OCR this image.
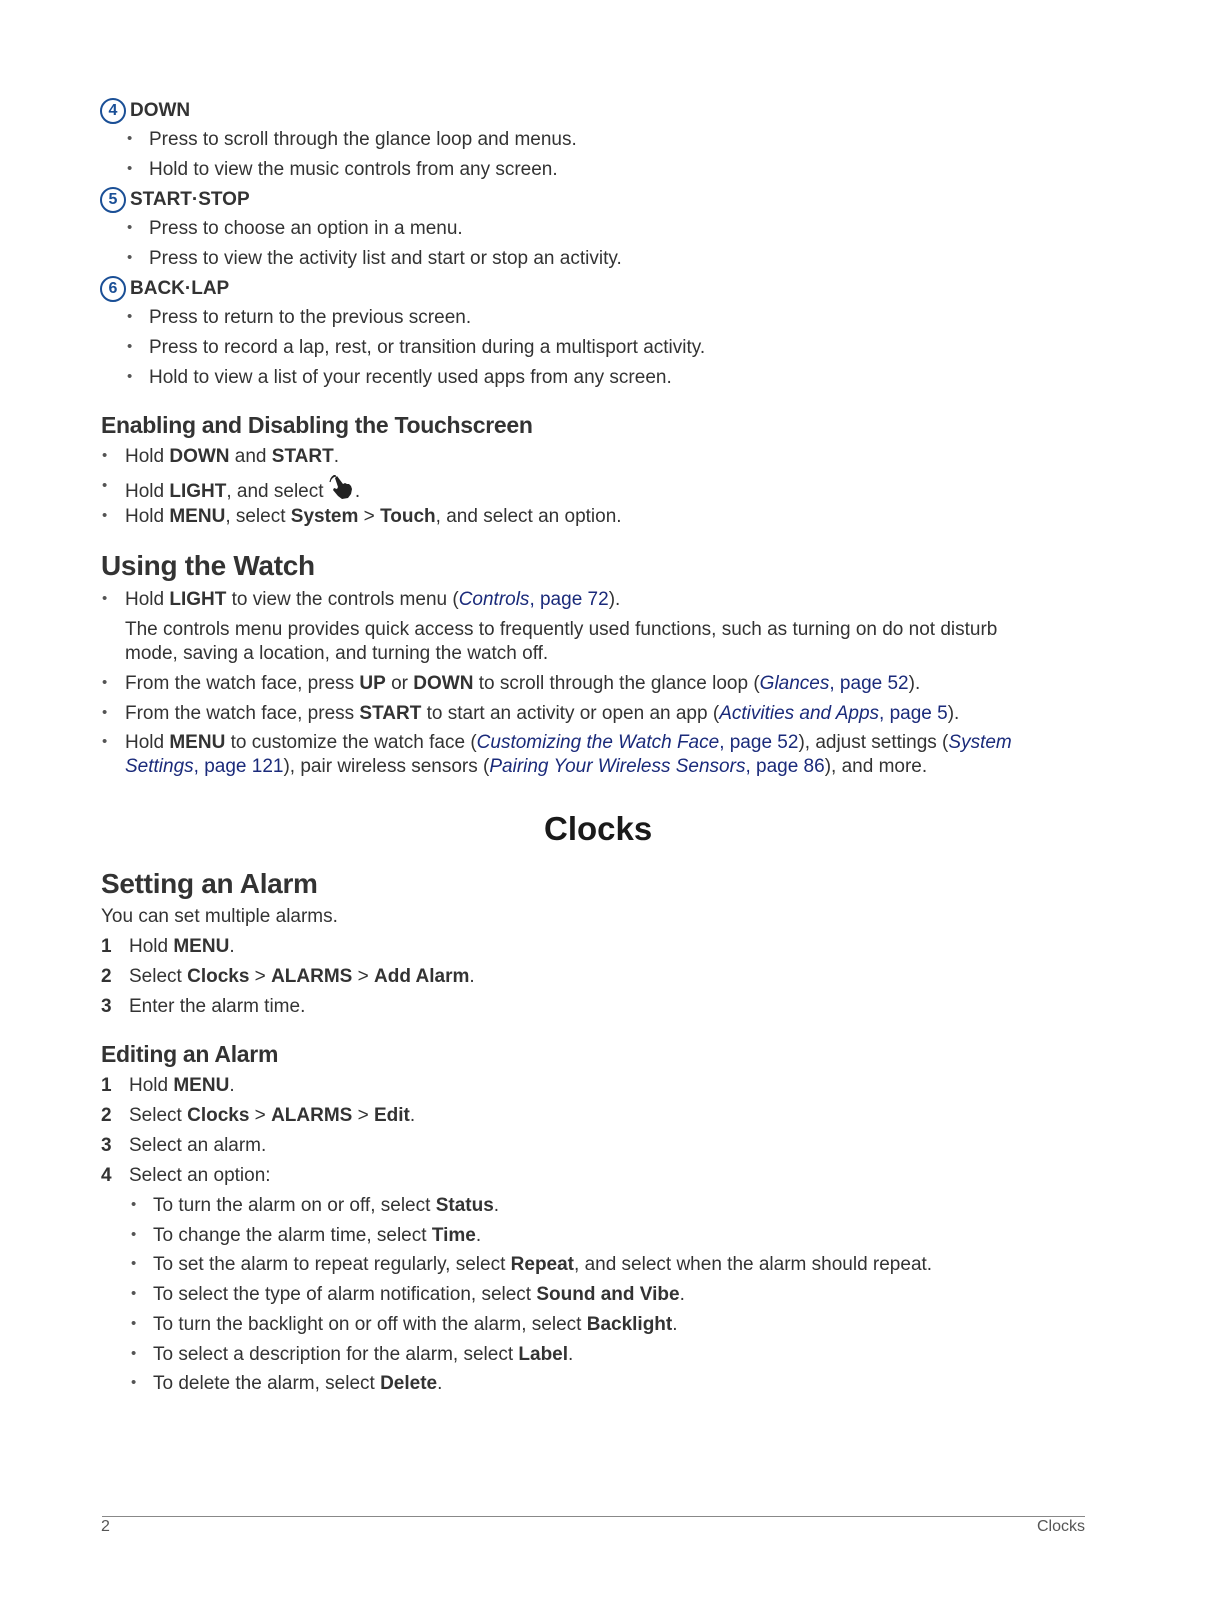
4 DOWN
• Press to scroll through the glance loop and menus.
• Hold to view the music controls from any screen.
5 START·STOP
• Press to choose an option in a menu.
• Press to view the activity list and start or stop an activity.
6 BACK·LAP
• Press to return to the previous screen.
• Press to record a lap, rest, or transition during a multisport activity.
• Hold to view a list of your recently used apps from any screen.
Enabling and Disabling the Touchscreen
• Hold DOWN and START.
• Hold LIGHT, and select .
• Hold MENU, select System > Touch, and select an option.
Using the Watch
• Hold LIGHT to view the controls menu (Controls, page 72).
The controls menu provides quick access to frequently used functions, such as turning on do not disturb
mode, saving a location, and turning the watch off.
• From the watch face, press UP or DOWN to scroll through the glance loop (Glances, page 52).
• From the watch face, press START to start an activity or open an app (Activities and Apps, page 5).
• Hold MENU to customize the watch face (Customizing the Watch Face, page 52), adjust settings (System
Settings, page 121), pair wireless sensors (Pairing Your Wireless Sensors, page 86), and more.
Clocks
Setting an Alarm
You can set multiple alarms.
1 Hold MENU.
2 Select Clocks > ALARMS > Add Alarm.
3 Enter the alarm time.
Editing an Alarm
1 Hold MENU.
2 Select Clocks > ALARMS > Edit.
3 Select an alarm.
4 Select an option:
• To turn the alarm on or off, select Status.
• To change the alarm time, select Time.
• To set the alarm to repeat regularly, select Repeat, and select when the alarm should repeat.
• To select the type of alarm notification, select Sound and Vibe.
• To turn the backlight on or off with the alarm, select Backlight.
• To select a description for the alarm, select Label.
• To delete the alarm, select Delete.
2	Clocks
